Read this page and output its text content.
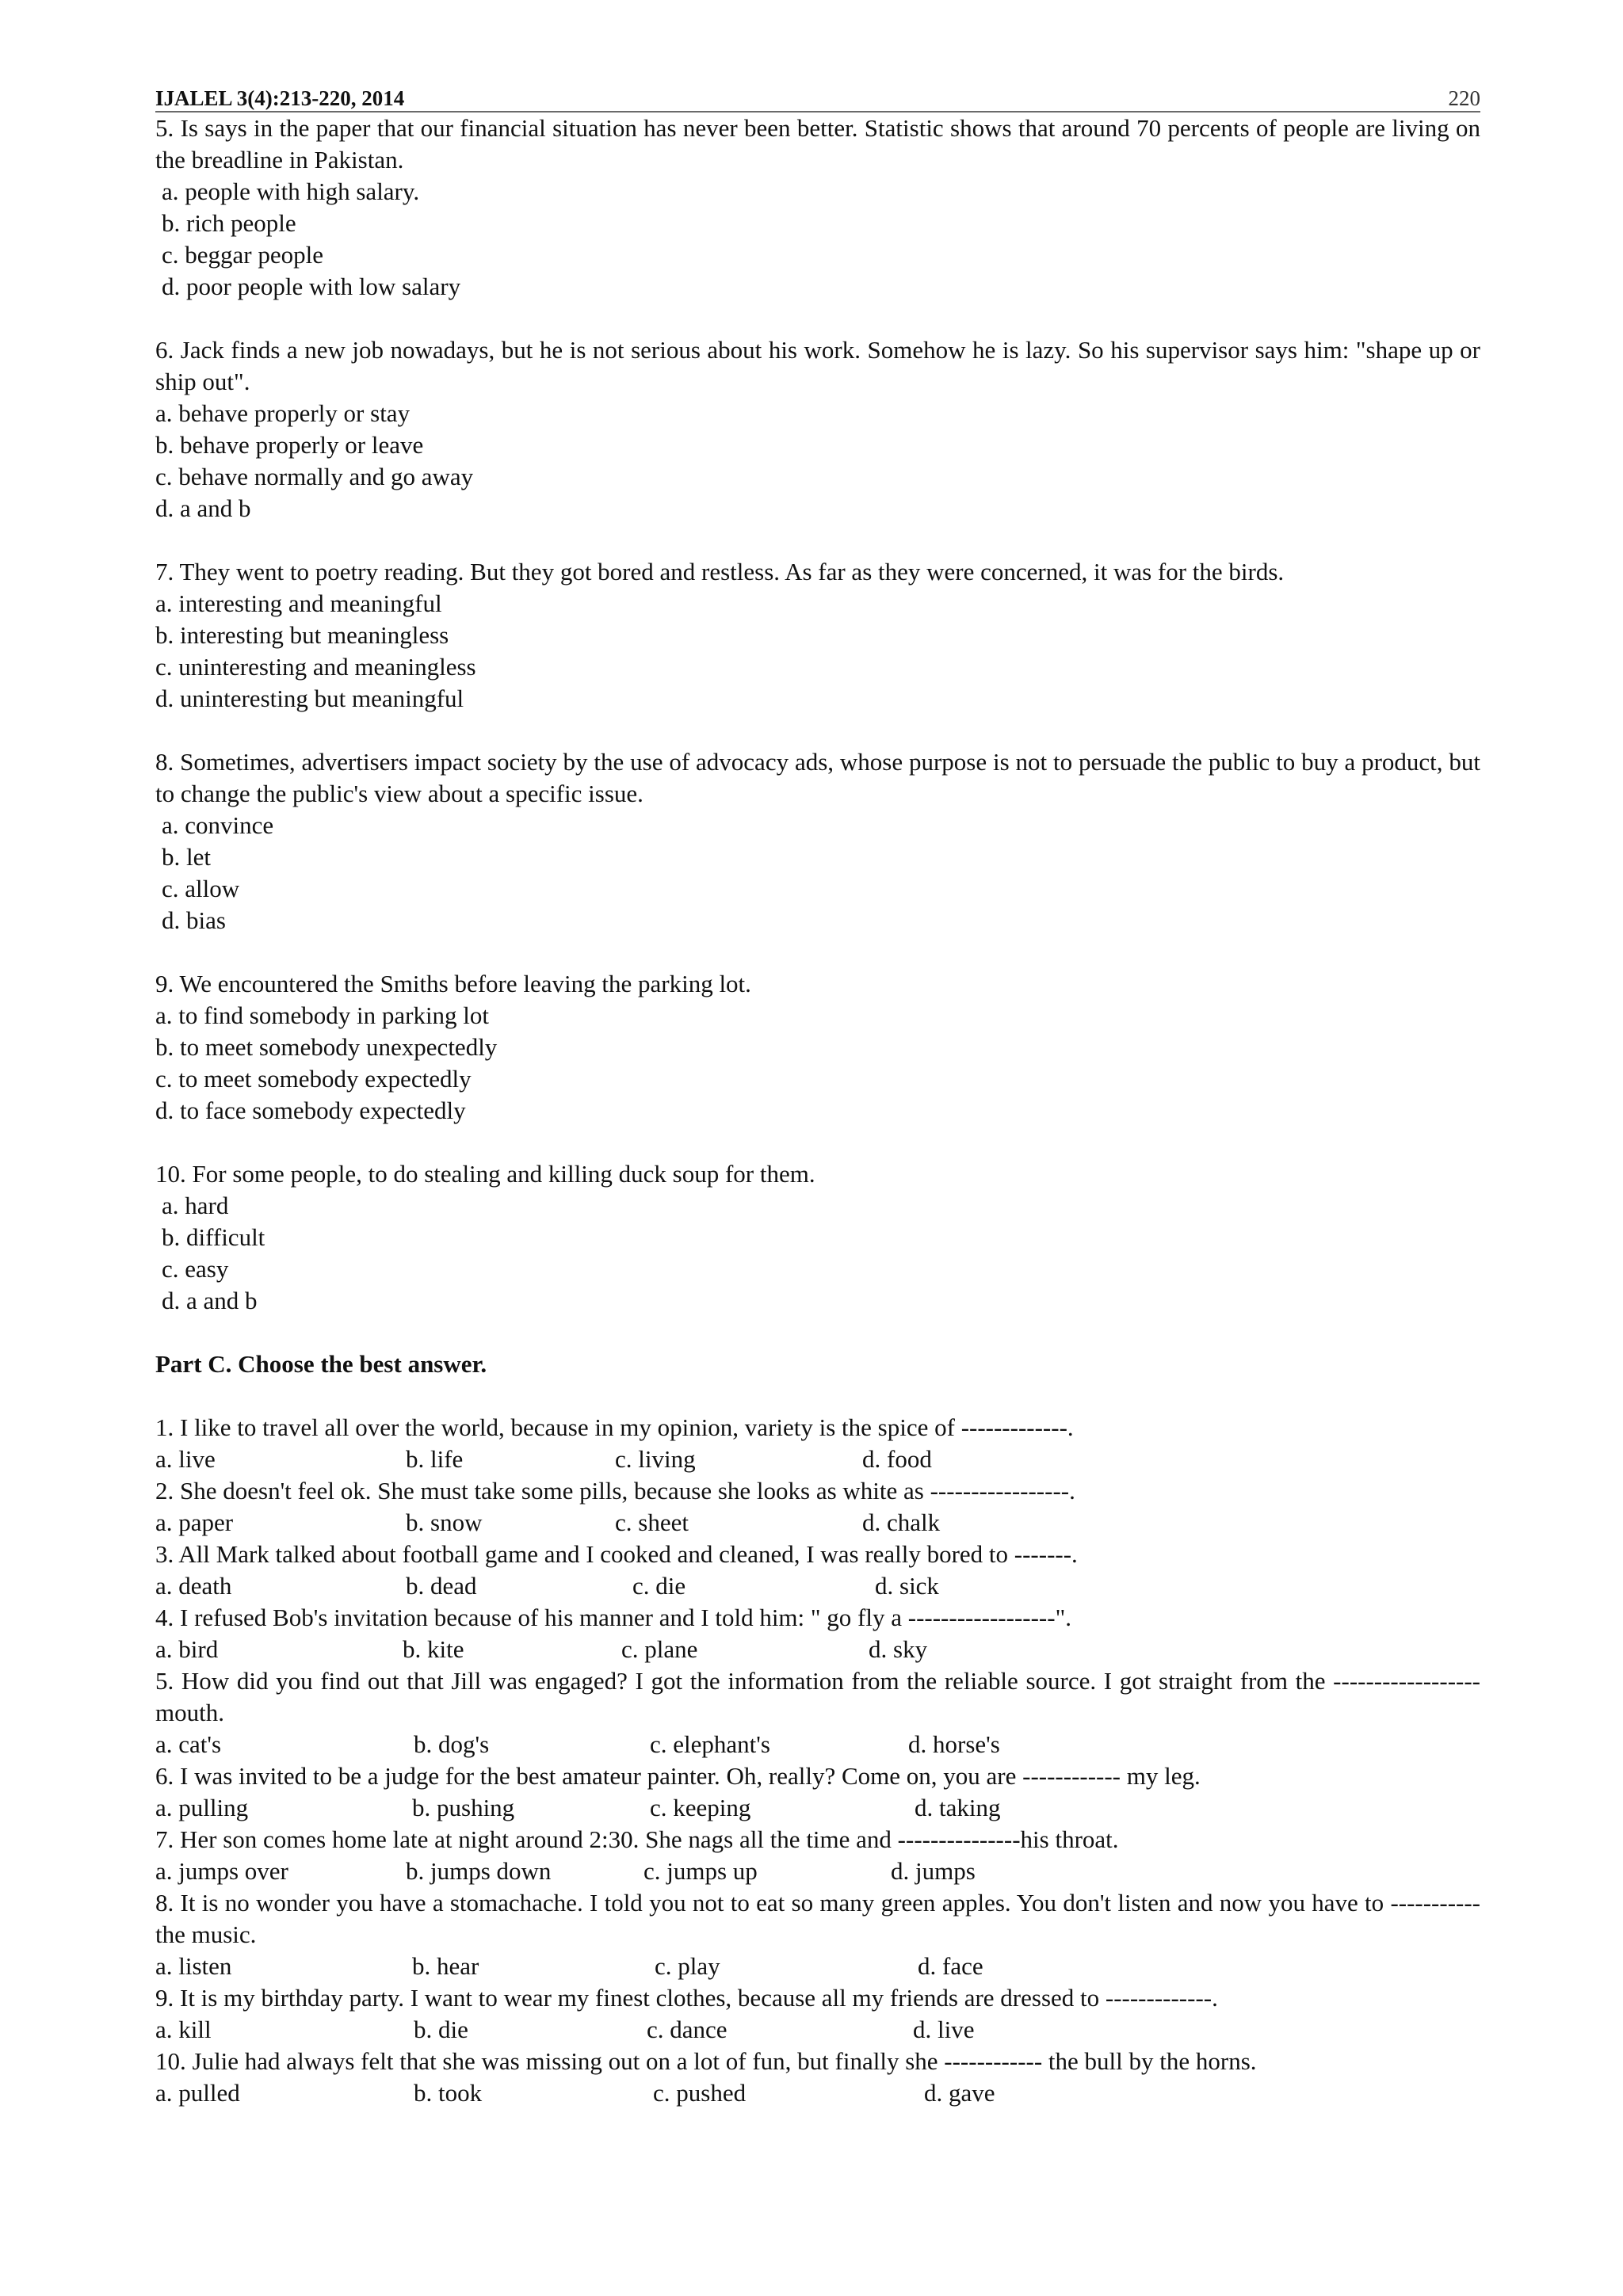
IJALEL 3(4):213-220, 2014	220

5. Is says in the paper that our financial situation has never been better. Statistic shows that around 70 percents of people are living on the breadline in Pakistan.

a. people with high salary.

b. rich people

c. beggar people

d. poor people with low salary

6. Jack finds a new job nowadays, but he is not serious about his work. Somehow he is lazy. So his supervisor says him: "shape up or ship out".

a. behave properly or stay

b. behave properly or leave

c. behave normally and go away

d. a and b

7. They went to poetry reading. But they got bored and restless. As far as they were concerned, it was for the birds.

a. interesting and meaningful

b. interesting but meaningless

c. uninteresting and meaningless

d. uninteresting but meaningful

8. Sometimes, advertisers impact society by the use of advocacy ads, whose purpose is not to persuade the public to buy a product, but to change the public's view about a specific issue.

a. convince

b. let

c. allow

d. bias

9. We encountered the Smiths before leaving the parking lot.

a. to find somebody in parking lot

b. to meet somebody unexpectedly

c. to meet somebody expectedly

d. to face somebody expectedly

10. For some people, to do stealing and killing duck soup for them.

a. hard

b. difficult

c. easy

d. a and b

Part C. Choose the best answer.

1. I like to travel all over the world, because in my opinion, variety is the spice of -------------.

a. live	b. life	c. living	d. food

2. She doesn't feel ok. She must take some pills, because she looks as white as -----------------.

a. paper	b. snow	c. sheet	d. chalk

3. All Mark talked about football game and I cooked and cleaned, I was really bored to -------.

a. death	b. dead	c. die	d. sick

4. I refused Bob's invitation because of his manner and I told him: " go fly a ------------------".

a. bird	b. kite	c. plane	d. sky

5. How did you find out that Jill was engaged? I got the information from the reliable source. I got straight from the ------------------ mouth.

a. cat's	b. dog's	c. elephant's	d. horse's

6. I was invited to be a judge for the best amateur painter. Oh, really? Come on, you are ------------ my leg.

a. pulling	b. pushing	c. keeping	d. taking

7. Her son comes home late at night around 2:30. She nags all the time and ---------------his throat.

a. jumps over	b. jumps down	c. jumps up	d. jumps

8. It is no wonder you have a stomachache. I told you not to eat so many green apples. You don't listen and now you have to ----------- the music.

a. listen	b. hear	c. play	d. face

9. It is my birthday party. I want to wear my finest clothes, because all my friends are dressed to -------------.

a. kill	b. die	c. dance	d. live

10. Julie had always felt that she was missing out on a lot of fun, but finally she ------------ the bull by the horns.

a. pulled	b. took	c. pushed	d. gave
